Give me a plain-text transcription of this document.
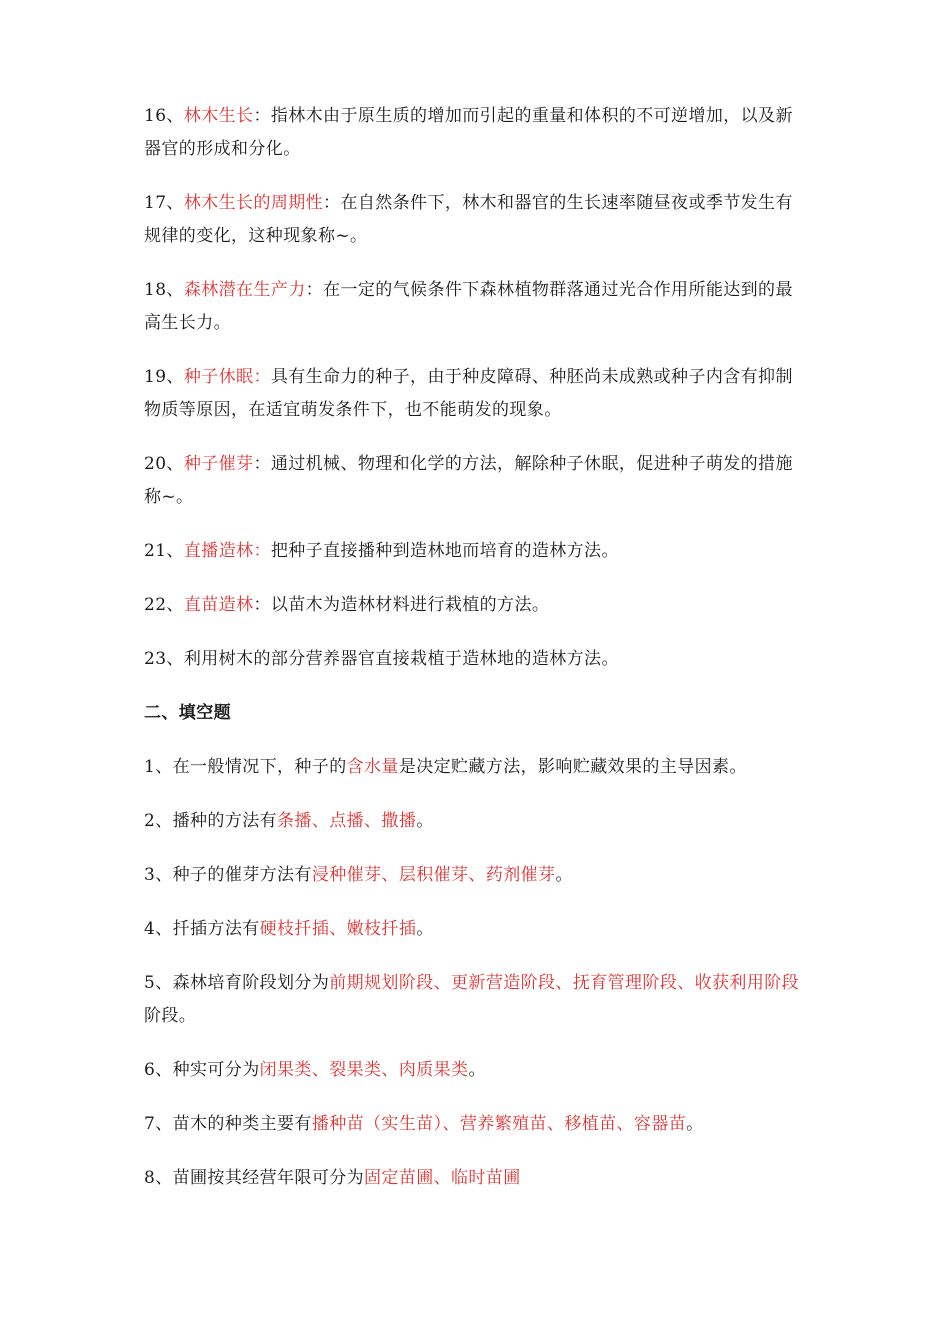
16、林木生长：指林木由于原生质的增加而引起的重量和体积的不可逆增加，以及新器官的形成和分化。
17、林木生长的周期性：在自然条件下，林木和器官的生长速率随昼夜或季节发生有规律的变化，这种现象称~。
18、森林潜在生产力：在一定的气候条件下森林植物群落通过光合作用所能达到的最高生长力。
19、种子休眠：具有生命力的种子，由于种皮障碍、种胚尚未成熟或种子内含有抑制物质等原因，在适宜萌发条件下，也不能萌发的现象。
20、种子催芽：通过机械、物理和化学的方法，解除种子休眠，促进种子萌发的措施称~。
21、直播造林：把种子直接播种到造林地而培育的造林方法。
22、直苗造林：以苗木为造林材料进行栽植的方法。
23、利用树木的部分营养器官直接栽植于造林地的造林方法。
二、填空题
1、在一般情况下，种子的含水量是决定贮藏方法，影响贮藏效果的主导因素。
2、播种的方法有条播、点播、撒播。
3、种子的催芽方法有浸种催芽、层积催芽、药剂催芽。
4、扦插方法有硬枝扦插、嫩枝扦插。
5、森林培育阶段划分为前期规划阶段、更新营造阶段、抚育管理阶段、收获利用阶段阶段。
6、种实可分为闭果类、裂果类、肉质果类。
7、苗木的种类主要有播种苗（实生苗）、营养繁殖苗、移植苗、容器苗。
8、苗圃按其经营年限可分为固定苗圃、临时苗圃
